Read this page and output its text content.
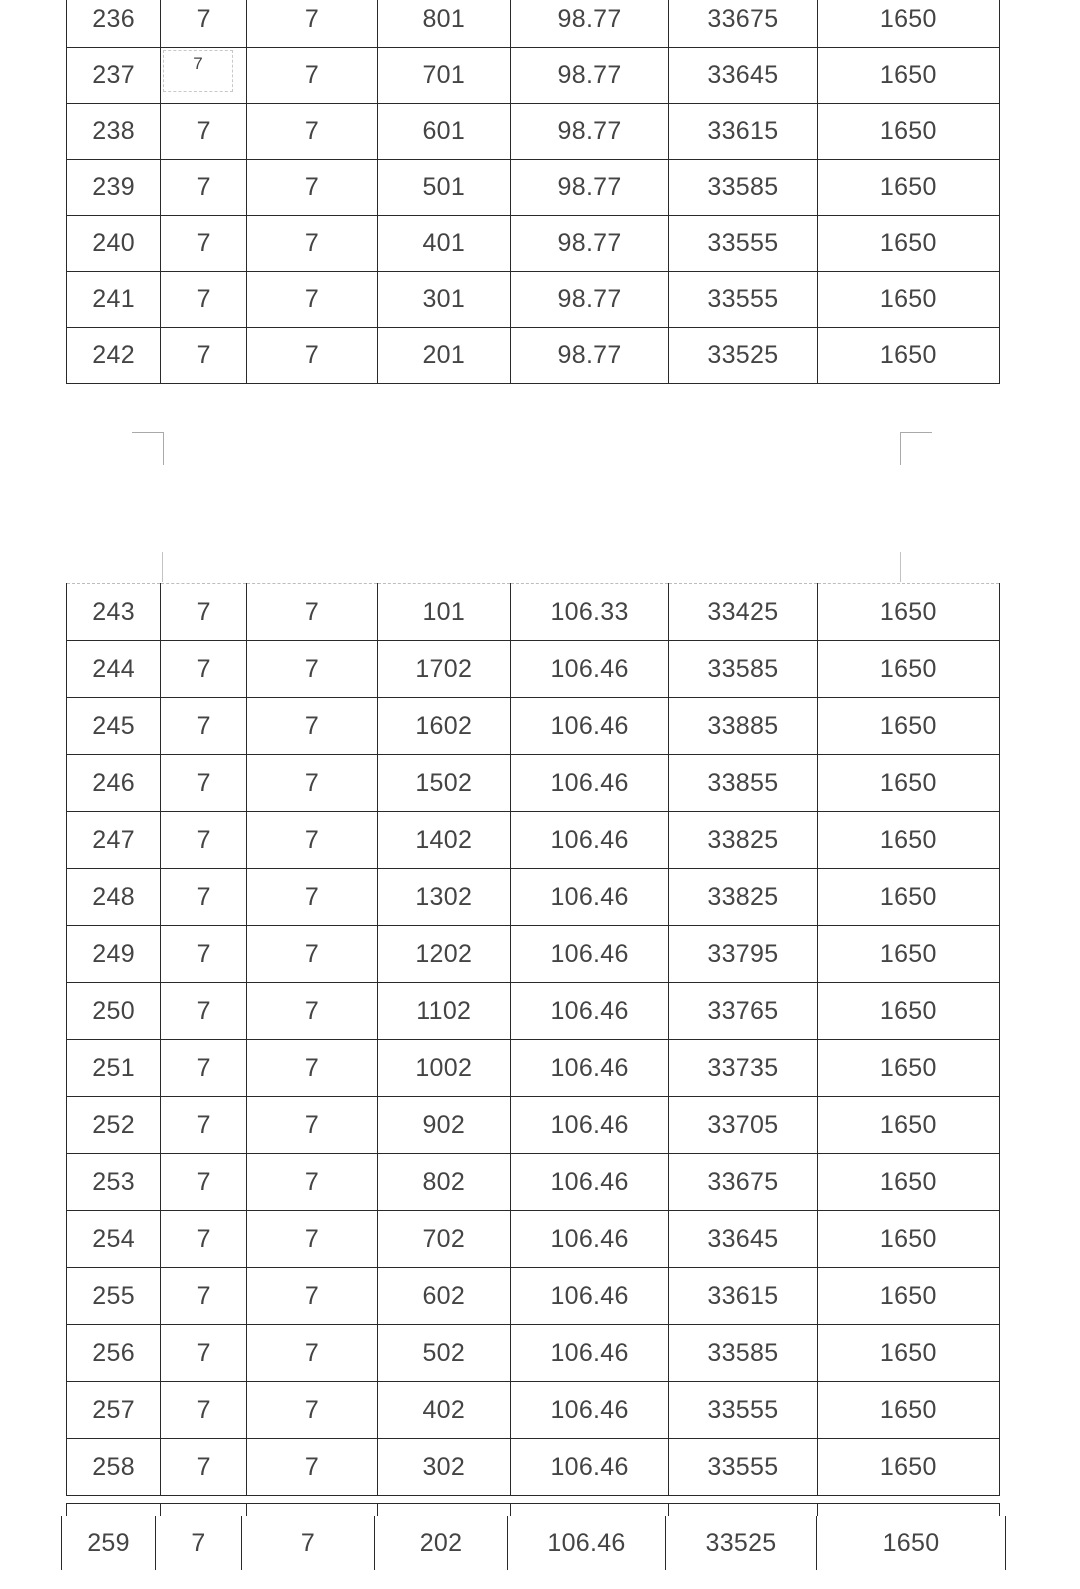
236	7	7	801	98.77	33675	1650
237	7	7	701	98.77	33645	1650
238	7	7	601	98.77	33615	1650
239	7	7	501	98.77	33585	1650
240	7	7	401	98.77	33555	1650
241	7	7	301	98.77	33555	1650
242	7	7	201	98.77	33525	1650
243	7	7	101	106.33	33425	1650
244	7	7	1702	106.46	33585	1650
245	7	7	1602	106.46	33885	1650
246	7	7	1502	106.46	33855	1650
247	7	7	1402	106.46	33825	1650
248	7	7	1302	106.46	33825	1650
249	7	7	1202	106.46	33795	1650
250	7	7	1102	106.46	33765	1650
251	7	7	1002	106.46	33735	1650
252	7	7	902	106.46	33705	1650
253	7	7	802	106.46	33675	1650
254	7	7	702	106.46	33645	1650
255	7	7	602	106.46	33615	1650
256	7	7	502	106.46	33585	1650
257	7	7	402	106.46	33555	1650
258	7	7	302	106.46	33555	1650

259	7	7	202	106.46	33525	1650
